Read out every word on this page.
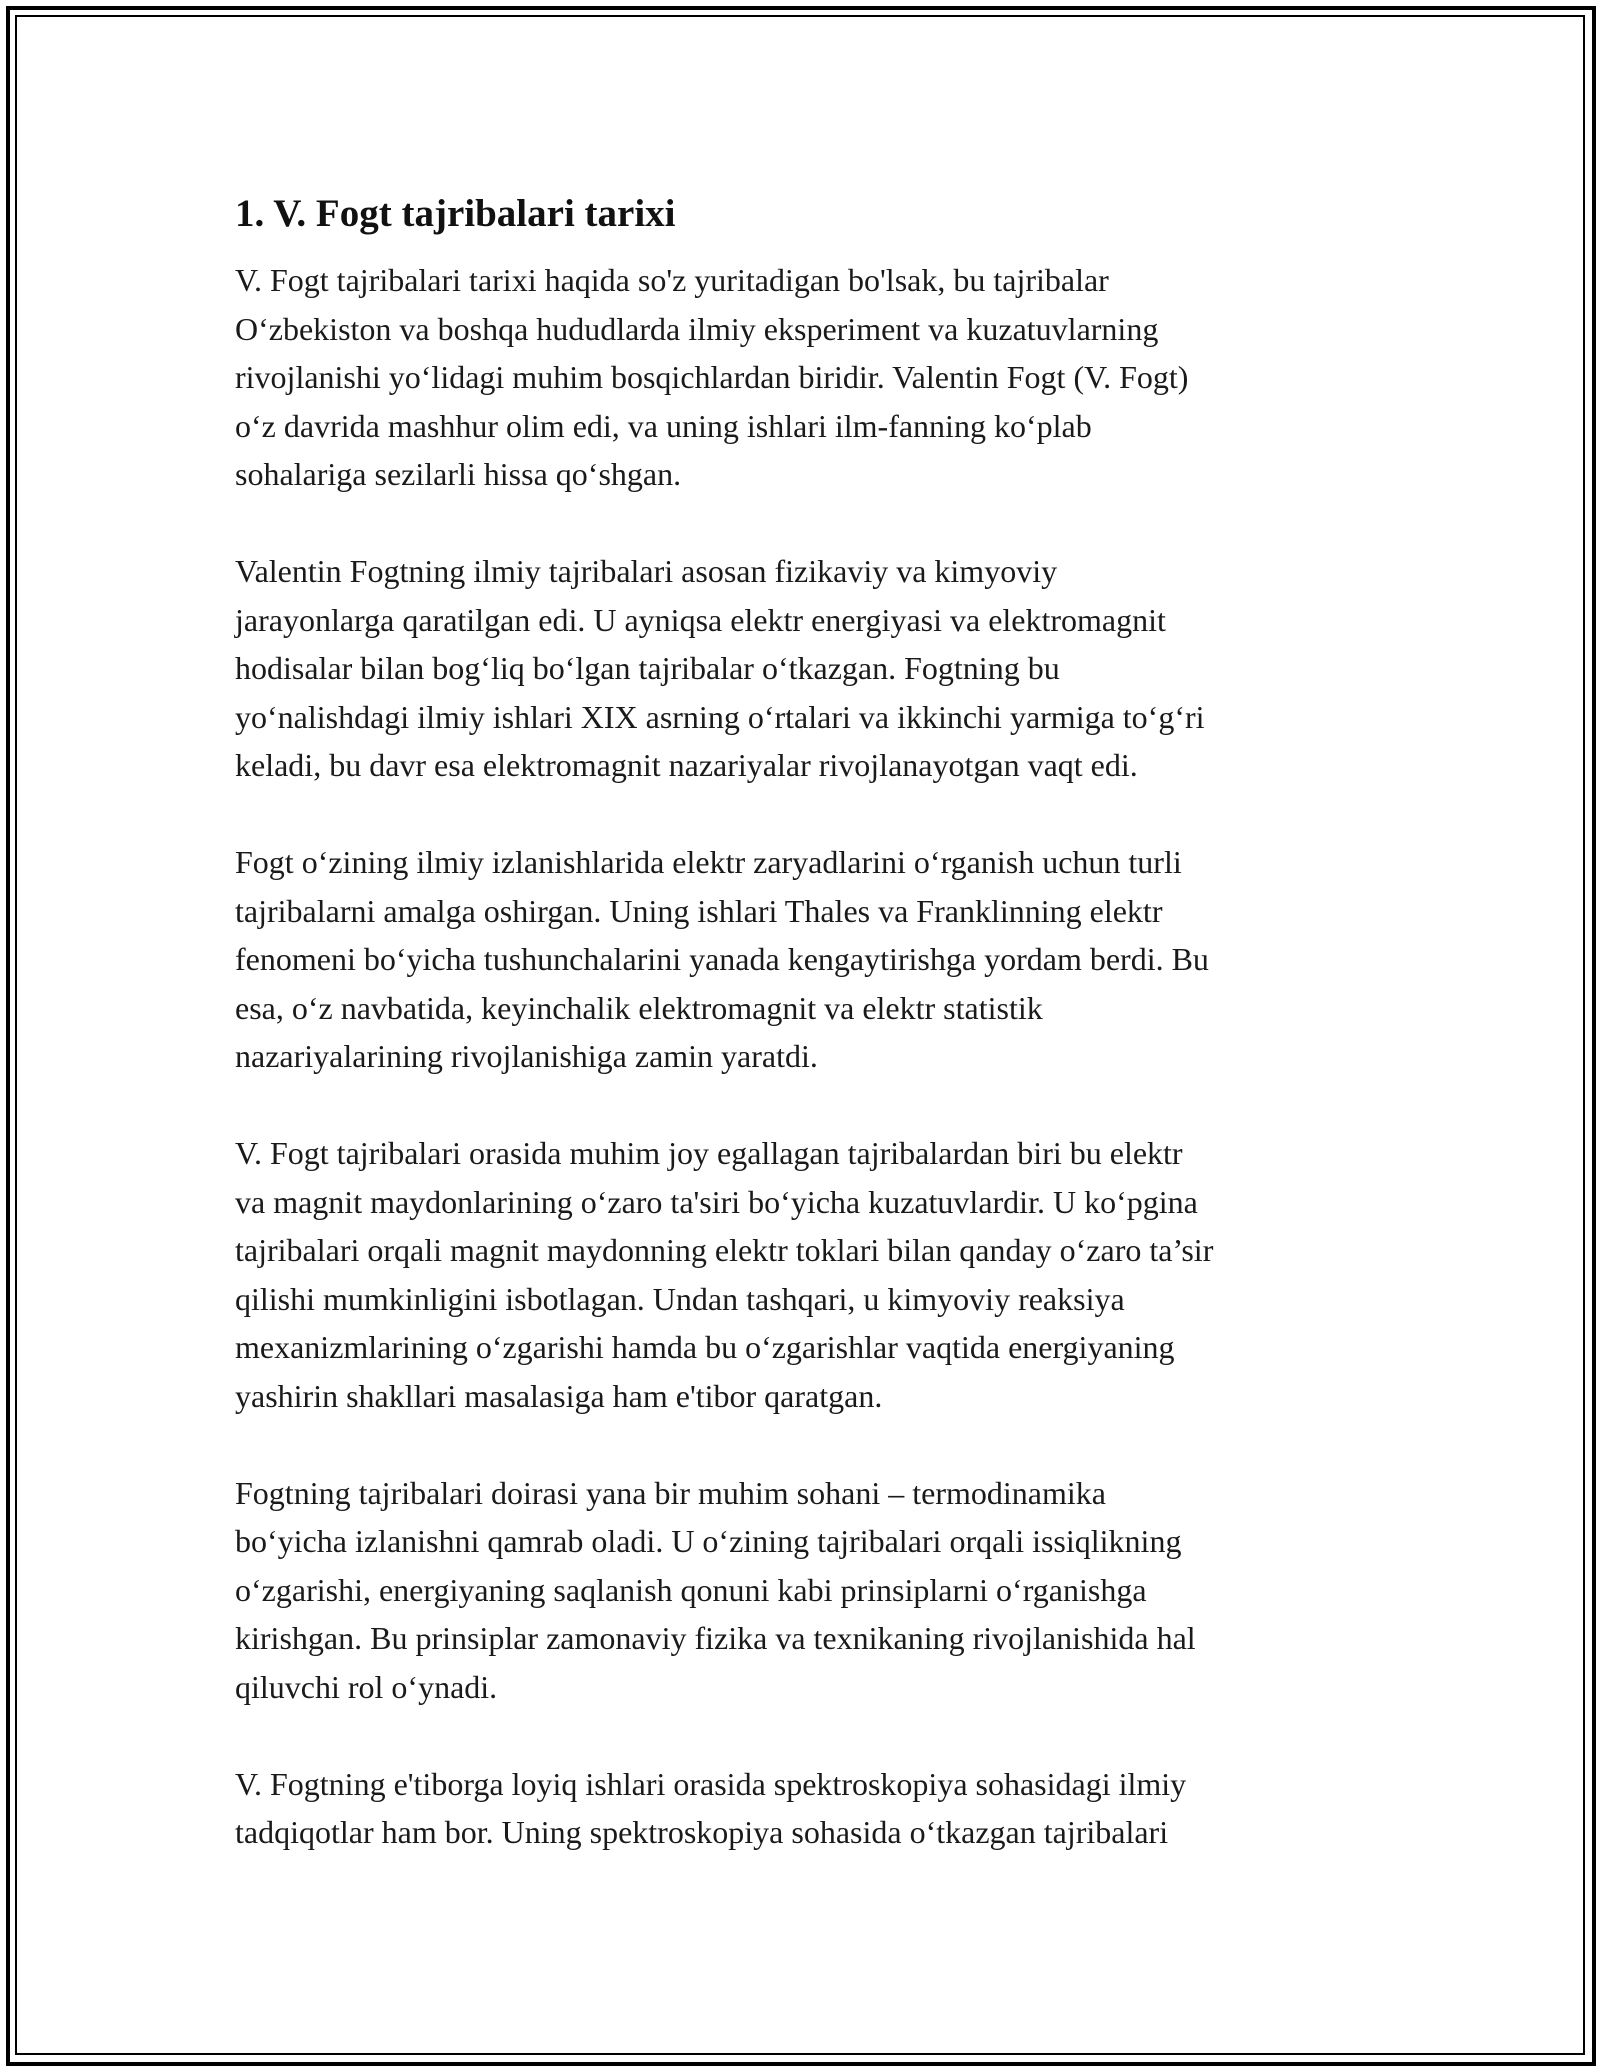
1. V. Fogt tajribalari tarixi

V. Fogt tajribalari tarixi haqida so'z yuritadigan bo'lsak, bu tajribalar
O‘zbekiston va boshqa hududlarda ilmiy eksperiment va kuzatuvlarning
rivojlanishi yo‘lidagi muhim bosqichlardan biridir. Valentin Fogt (V. Fogt)
o‘z davrida mashhur olim edi, va uning ishlari ilm-fanning ko‘plab
sohalariga sezilarli hissa qo‘shgan.

Valentin Fogtning ilmiy tajribalari asosan fizikaviy va kimyoviy
jarayonlarga qaratilgan edi. U ayniqsa elektr energiyasi va elektromagnit
hodisalar bilan bog‘liq bo‘lgan tajribalar o‘tkazgan. Fogtning bu
yo‘nalishdagi ilmiy ishlari XIX asrning o‘rtalari va ikkinchi yarmiga to‘g‘ri
keladi, bu davr esa elektromagnit nazariyalar rivojlanayotgan vaqt edi.

Fogt o‘zining ilmiy izlanishlarida elektr zaryadlarini o‘rganish uchun turli
tajribalarni amalga oshirgan. Uning ishlari Thales va Franklinning elektr
fenomeni bo‘yicha tushunchalarini yanada kengaytirishga yordam berdi. Bu
esa, o‘z navbatida, keyinchalik elektromagnit va elektr statistik
nazariyalarining rivojlanishiga zamin yaratdi.

V. Fogt tajribalari orasida muhim joy egallagan tajribalardan biri bu elektr
va magnit maydonlarining o‘zaro ta'siri bo‘yicha kuzatuvlardir. U ko‘pgina
tajribalari orqali magnit maydonning elektr toklari bilan qanday o‘zaro ta’sir
qilishi mumkinligini isbotlagan. Undan tashqari, u kimyoviy reaksiya
mexanizmlarining o‘zgarishi hamda bu o‘zgarishlar vaqtida energiyaning
yashirin shakllari masalasiga ham e'tibor qaratgan.

Fogtning tajribalari doirasi yana bir muhim sohani – termodinamika
bo‘yicha izlanishni qamrab oladi. U o‘zining tajribalari orqali issiqlikning
o‘zgarishi, energiyaning saqlanish qonuni kabi prinsiplarni o‘rganishga
kirishgan. Bu prinsiplar zamonaviy fizika va texnikaning rivojlanishida hal
qiluvchi rol o‘ynadi.

V. Fogtning e'tiborga loyiq ishlari orasida spektroskopiya sohasidagi ilmiy
tadqiqotlar ham bor. Uning spektroskopiya sohasida o‘tkazgan tajribalari
